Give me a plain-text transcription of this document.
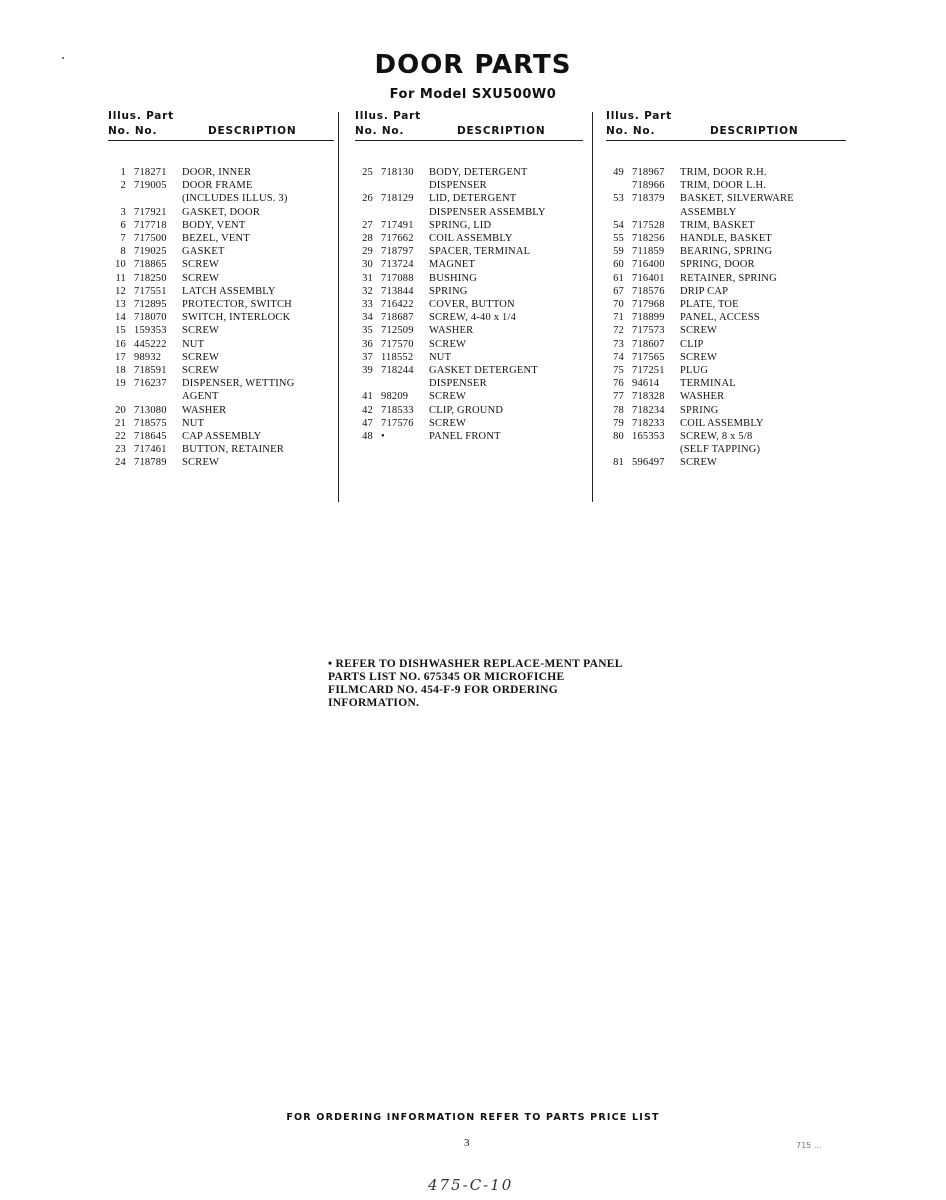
DOOR PARTS
For Model SXU500W0
Illus. Part
No. No.	DESCRIPTION
1 718271	DOOR, INNER
2 719005	DOOR FRAME
(INCLUDES ILLUS. 3)
3 717921	GASKET, DOOR
6 717718	BODY, VENT
7 717500	BEZEL, VENT
8 719025	GASKET
10 718865	SCREW
11 718250	SCREW
12 717551	LATCH ASSEMBLY
13 712895	PROTECTOR, SWITCH
14 718070	SWITCH, INTERLOCK
15 159353	SCREW
16 445222	NUT
17 98932	SCREW
18 718591	SCREW
19 716237	DISPENSER, WETTING
AGENT
20 713080	WASHER
21 718575	NUT
22 718645	CAP ASSEMBLY
23 717461	BUTTON, RETAINER
24 718789	SCREW
Illus. Part
No. No.	DESCRIPTION
25 718130	BODY, DETERGENT
DISPENSER
26 718129	LID, DETERGENT
DISPENSER ASSEMBLY
27 717491	SPRING, LID
28 717662	COIL ASSEMBLY
29 718797	SPACER, TERMINAL
30 713724	MAGNET
31 717088	BUSHING
32 713844	SPRING
33 716422	COVER, BUTTON
34 718687	SCREW, 4-40 x 1/4
35 712509	WASHER
36 717570	SCREW
37 118552	NUT
39 718244	GASKET DETERGENT
DISPENSER
41 98209	SCREW
42 718533	CLIP, GROUND
47 717576	SCREW
48 •	PANEL FRONT
Illus. Part
No. No.	DESCRIPTION
49 718967	TRIM, DOOR R.H.
718966	TRIM, DOOR L.H.
53 718379	BASKET, SILVERWARE
ASSEMBLY
54 717528	TRIM, BASKET
55 718256	HANDLE, BASKET
59 711859	BEARING, SPRING
60 716400	SPRING, DOOR
61 716401	RETAINER, SPRING
67 718576	DRIP CAP
70 717968	PLATE, TOE
71 718899	PANEL, ACCESS
72 717573	SCREW
73 718607	CLIP
74 717565	SCREW
75 717251	PLUG
76 94614	TERMINAL
77 718328	WASHER
78 718234	SPRING
79 718233	COIL ASSEMBLY
80 165353	SCREW, 8 x 5/8
(SELF TAPPING)
81 596497	SCREW
• REFER TO DISHWASHER REPLACE-MENT PANEL PARTS LIST NO. 675345 OR MICROFICHE FILMCARD NO. 454-F-9 FOR ORDERING INFORMATION.
FOR ORDERING INFORMATION REFER TO PARTS PRICE LIST
3	715 ...
475-C-10
